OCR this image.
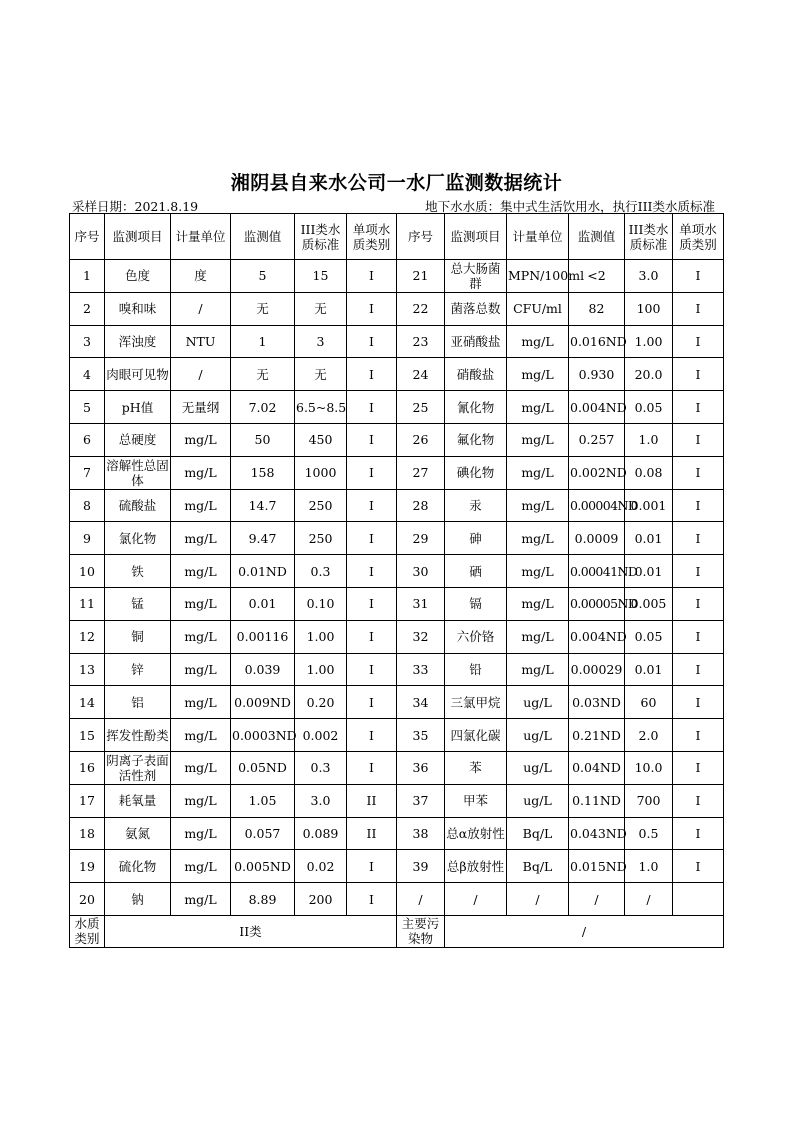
湘阴县自来水公司一水厂监测数据统计
采样日期：2021.8.19	地下水水质：集中式生活饮用水，执行III类水质标准
序号	监测项目	计量单位	监测值	III类水质标准	单项水质类别	序号	监测项目	计量单位	监测值	III类水质标准	单项水质类别
1	色度	度	5	15	I	21	总大肠菌群	MPN/100ml	<2	3.0	I
2	嗅和味	/	无	无	I	22	菌落总数	CFU/ml	82	100	I
3	浑浊度	NTU	1	3	I	23	亚硝酸盐	mg/L	0.016ND	1.00	I
4	肉眼可见物	/	无	无	I	24	硝酸盐	mg/L	0.930	20.0	I
5	pH值	无量纲	7.02	6.5~8.5	I	25	氰化物	mg/L	0.004ND	0.05	I
6	总硬度	mg/L	50	450	I	26	氟化物	mg/L	0.257	1.0	I
7	溶解性总固体	mg/L	158	1000	I	27	碘化物	mg/L	0.002ND	0.08	I
8	硫酸盐	mg/L	14.7	250	I	28	汞	mg/L	0.00004ND	0.001	I
9	氯化物	mg/L	9.47	250	I	29	砷	mg/L	0.0009	0.01	I
10	铁	mg/L	0.01ND	0.3	I	30	硒	mg/L	0.00041ND	0.01	I
11	锰	mg/L	0.01	0.10	I	31	镉	mg/L	0.00005ND	0.005	I
12	铜	mg/L	0.00116	1.00	I	32	六价铬	mg/L	0.004ND	0.05	I
13	锌	mg/L	0.039	1.00	I	33	铅	mg/L	0.00029	0.01	I
14	铝	mg/L	0.009ND	0.20	I	34	三氯甲烷	ug/L	0.03ND	60	I
15	挥发性酚类	mg/L	0.0003ND	0.002	I	35	四氯化碳	ug/L	0.21ND	2.0	I
16	阴离子表面活性剂	mg/L	0.05ND	0.3	I	36	苯	ug/L	0.04ND	10.0	I
17	耗氧量	mg/L	1.05	3.0	II	37	甲苯	ug/L	0.11ND	700	I
18	氨氮	mg/L	0.057	0.089	II	38	总α放射性	Bq/L	0.043ND	0.5	I
19	硫化物	mg/L	0.005ND	0.02	I	39	总β放射性	Bq/L	0.015ND	1.0	I
20	钠	mg/L	8.89	200	I	/	/	/	/	/	
水质类别	II类					主要污染物	/				
